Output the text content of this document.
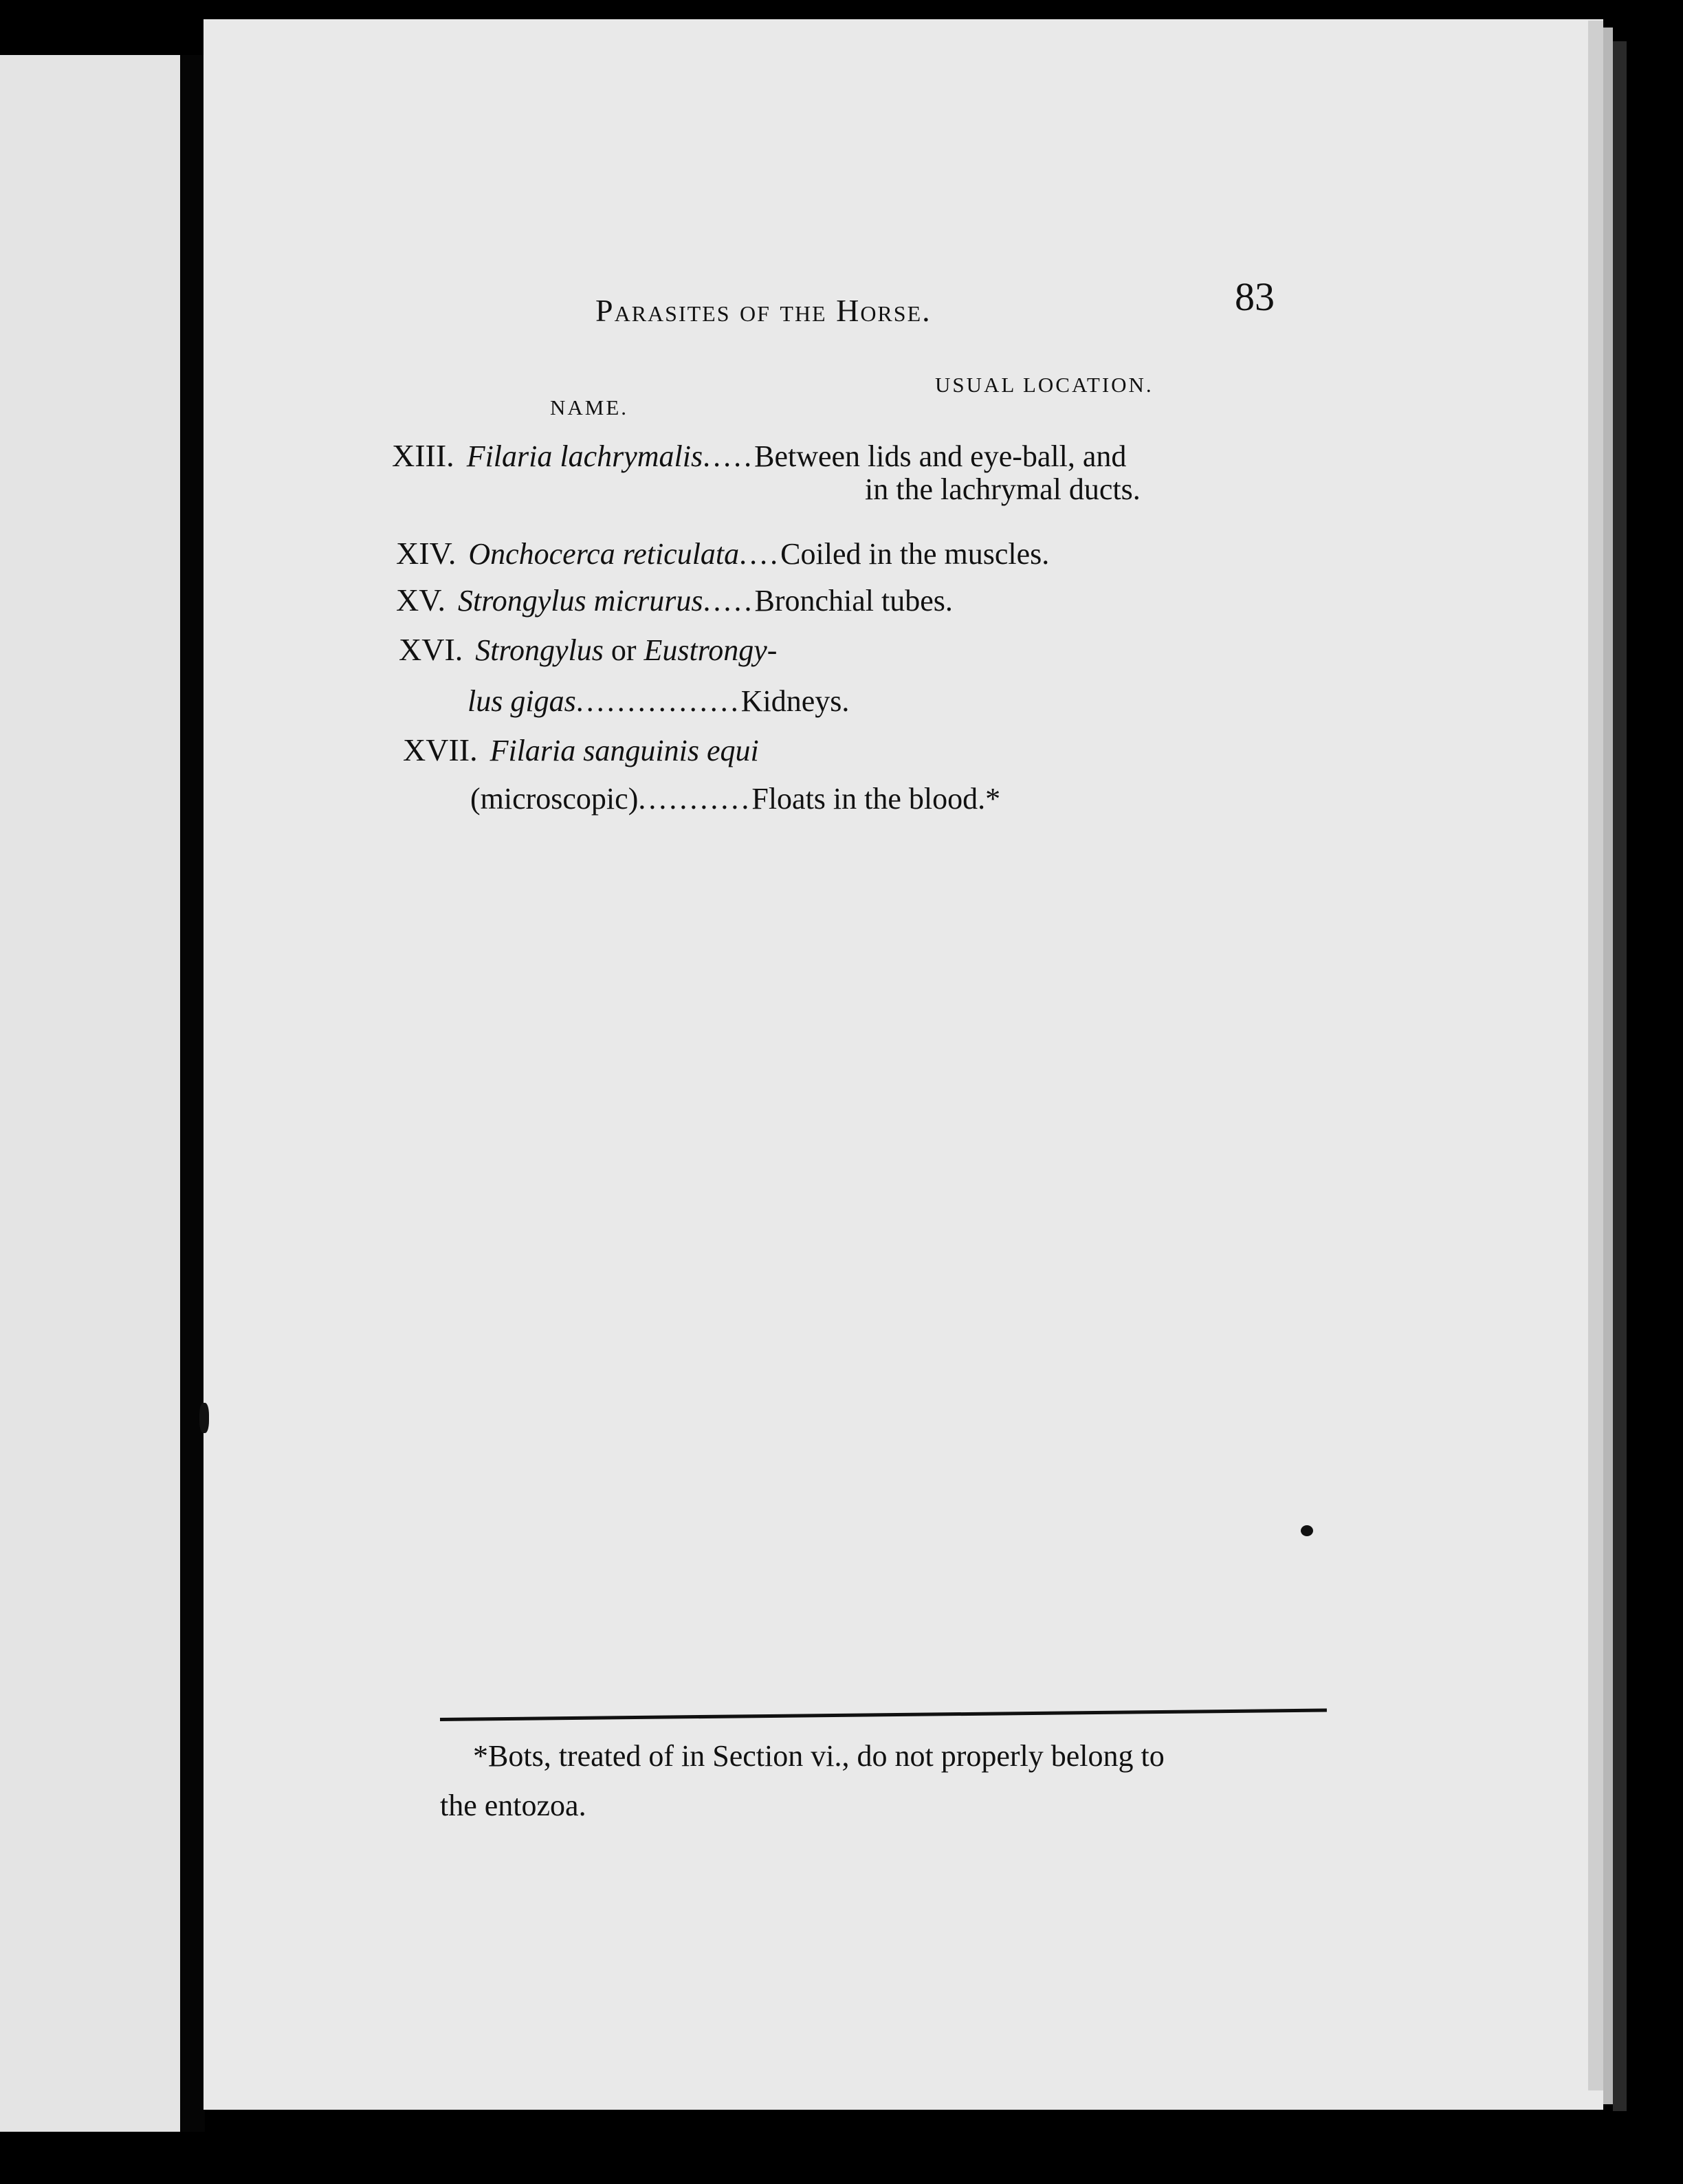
Parasites of the Horse.	83
NAME.
USUAL LOCATION.
XIII. Filaria lachrymalis.....Between lids and eye-ball, and
in the lachrymal ducts.
XIV. Onchocerca reticulata....Coiled in the muscles.
XV. Strongylus micrurus.....Bronchial tubes.
XVI. Strongylus or Eustrongy-
lus gigas................Kidneys.
XVII. Filaria sanguinis equi
(microscopic)...........Floats in the blood.*
*Bots, treated of in Section vi., do not properly belong to
the entozoa.
